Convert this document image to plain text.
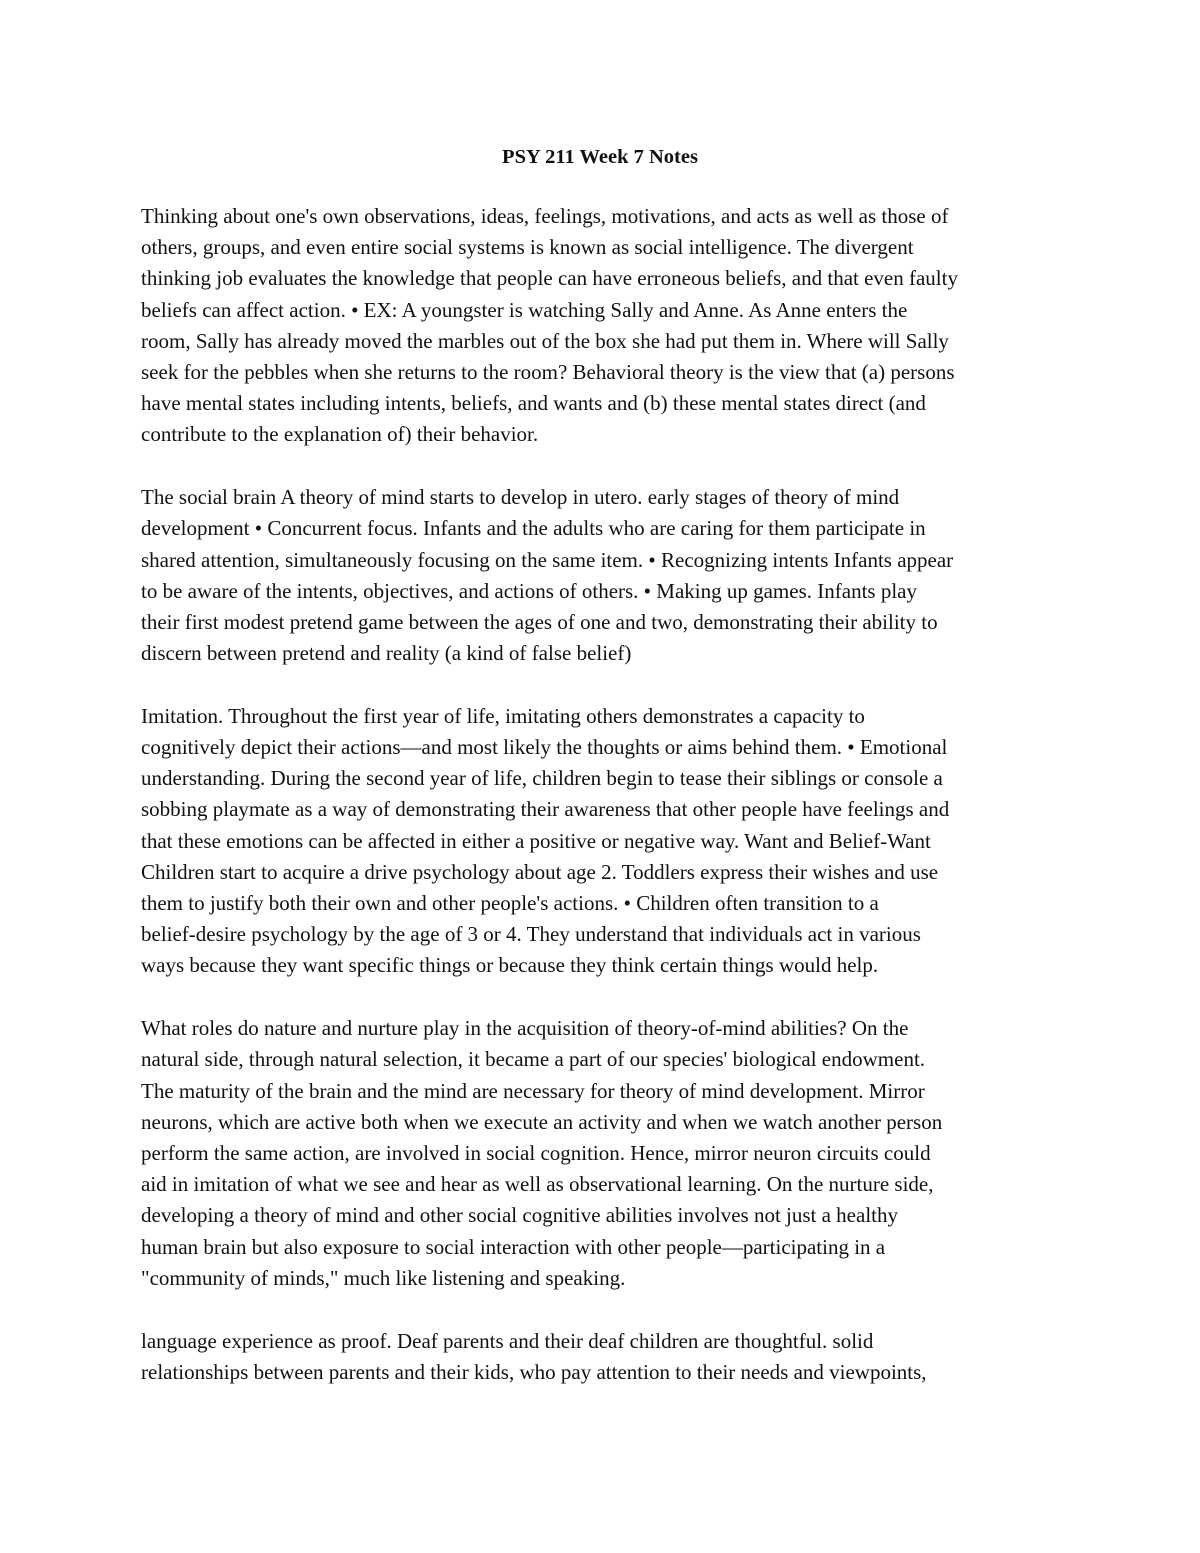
PSY 211 Week 7 Notes

Thinking about one's own observations, ideas, feelings, motivations, and acts as well as those of
others, groups, and even entire social systems is known as social intelligence. The divergent
thinking job evaluates the knowledge that people can have erroneous beliefs, and that even faulty
beliefs can affect action. • EX: A youngster is watching Sally and Anne. As Anne enters the
room, Sally has already moved the marbles out of the box she had put them in. Where will Sally
seek for the pebbles when she returns to the room? Behavioral theory is the view that (a) persons
have mental states including intents, beliefs, and wants and (b) these mental states direct (and
contribute to the explanation of) their behavior.

The social brain A theory of mind starts to develop in utero. early stages of theory of mind
development • Concurrent focus. Infants and the adults who are caring for them participate in
shared attention, simultaneously focusing on the same item. • Recognizing intents Infants appear
to be aware of the intents, objectives, and actions of others. • Making up games. Infants play
their first modest pretend game between the ages of one and two, demonstrating their ability to
discern between pretend and reality (a kind of false belief)

Imitation. Throughout the first year of life, imitating others demonstrates a capacity to
cognitively depict their actions—and most likely the thoughts or aims behind them. • Emotional
understanding. During the second year of life, children begin to tease their siblings or console a
sobbing playmate as a way of demonstrating their awareness that other people have feelings and
that these emotions can be affected in either a positive or negative way. Want and Belief-Want
Children start to acquire a drive psychology about age 2. Toddlers express their wishes and use
them to justify both their own and other people's actions. • Children often transition to a
belief-desire psychology by the age of 3 or 4. They understand that individuals act in various
ways because they want specific things or because they think certain things would help.

What roles do nature and nurture play in the acquisition of theory-of-mind abilities? On the
natural side, through natural selection, it became a part of our species' biological endowment.
The maturity of the brain and the mind are necessary for theory of mind development. Mirror
neurons, which are active both when we execute an activity and when we watch another person
perform the same action, are involved in social cognition. Hence, mirror neuron circuits could
aid in imitation of what we see and hear as well as observational learning. On the nurture side,
developing a theory of mind and other social cognitive abilities involves not just a healthy
human brain but also exposure to social interaction with other people—participating in a
"community of minds," much like listening and speaking.

language experience as proof. Deaf parents and their deaf children are thoughtful. solid
relationships between parents and their kids, who pay attention to their needs and viewpoints,
